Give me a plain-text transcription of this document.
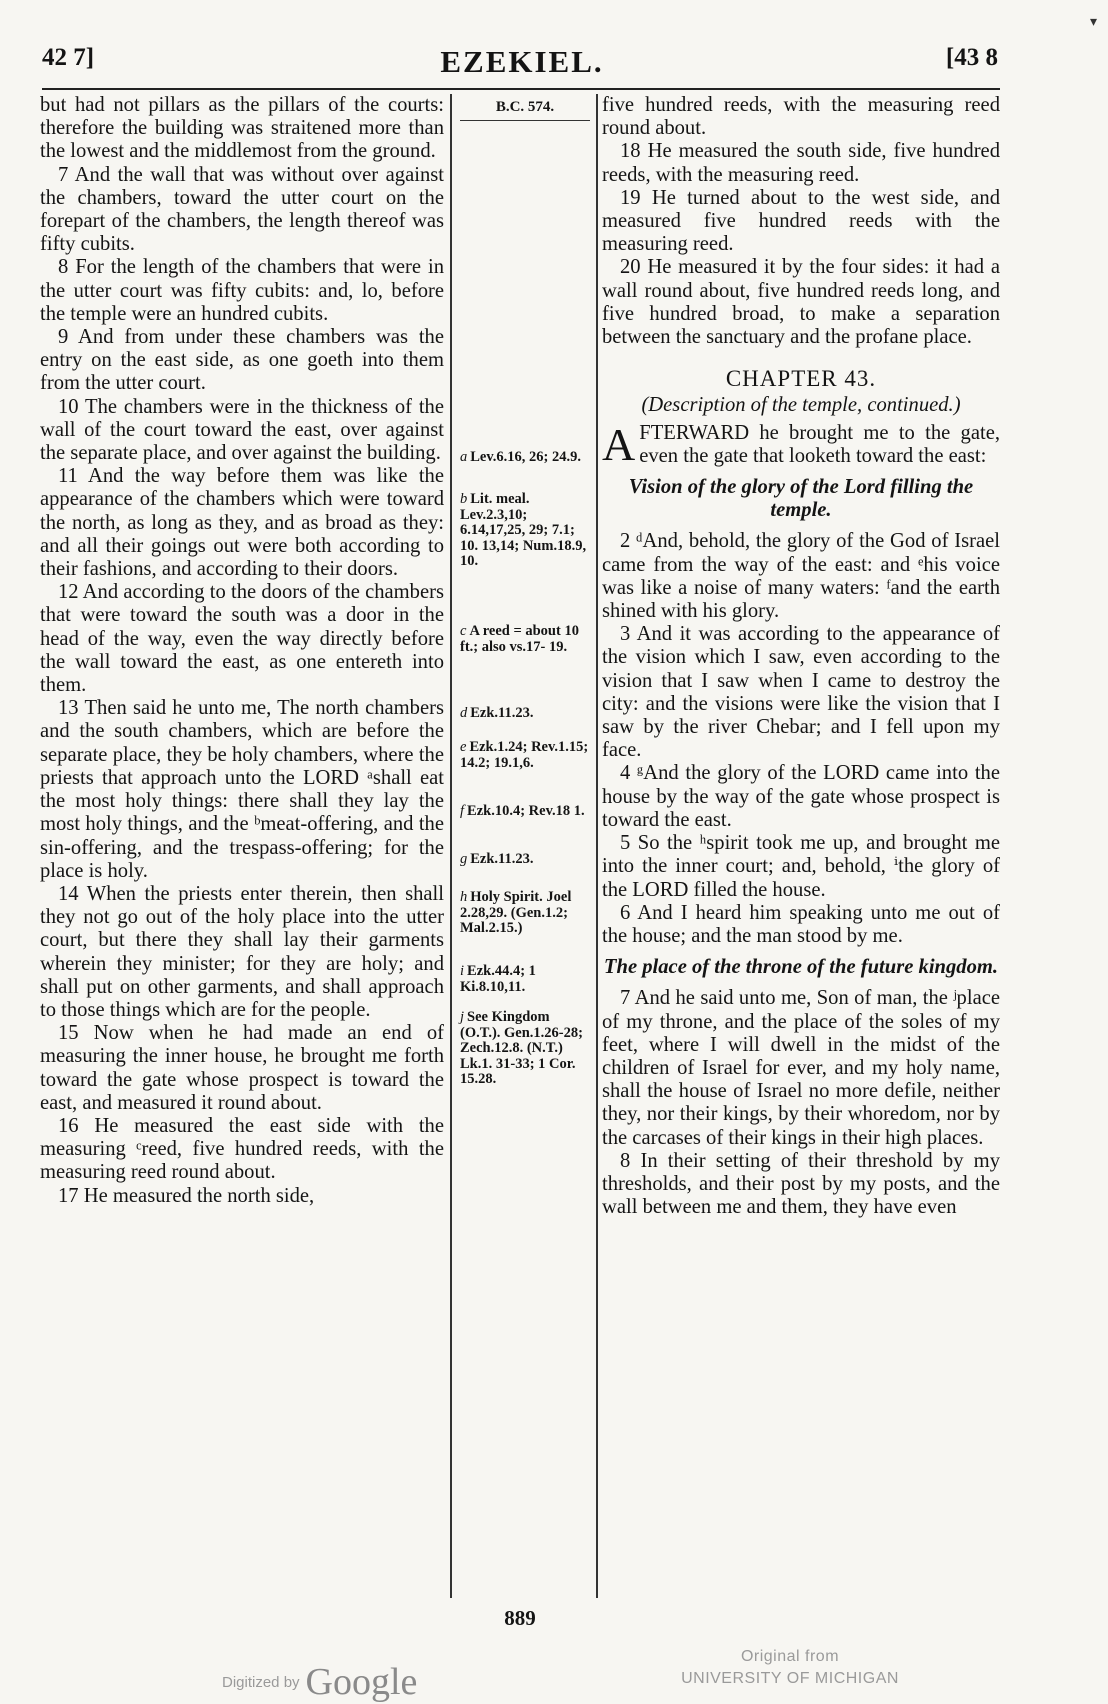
▾
42 7]	EZEKIEL.	[43 8

but had not pillars as the pillars of the courts: therefore the building was straitened more than the lowest and the middlemost from the ground.

7 And the wall that was without over against the chambers, toward the utter court on the forepart of the chambers, the length thereof was fifty cubits.

8 For the length of the chambers that were in the utter court was fifty cubits: and, lo, before the temple were an hundred cubits.

9 And from under these chambers was the entry on the east side, as one goeth into them from the utter court.

10 The chambers were in the thickness of the wall of the court toward the east, over against the separate place, and over against the building.

11 And the way before them was like the appearance of the chambers which were toward the north, as long as they, and as broad as they: and all their goings out were both according to their fashions, and according to their doors.

12 And according to the doors of the chambers that were toward the south was a door in the head of the way, even the way directly before the wall toward the east, as one entereth into them.

13 Then said he unto me, The north chambers and the south chambers, which are before the separate place, they be holy chambers, where the priests that approach unto the LORD ᵃshall eat the most holy things: there shall they lay the most holy things, and the ᵇmeat-offering, and the sin-offering, and the trespass-offering; for the place is holy.

14 When the priests enter therein, then shall they not go out of the holy place into the utter court, but there they shall lay their garments wherein they minister; for they are holy; and shall put on other garments, and shall approach to those things which are for the people.

15 Now when he had made an end of measuring the inner house, he brought me forth toward the gate whose prospect is toward the east, and measured it round about.

16 He measured the east side with the measuring ᶜreed, five hundred reeds, with the measuring reed round about.

17 He measured the north side,

B.C. 574.
a Lev.6.16, 26; 24.9.
b Lit. meal. Lev.2.3,10; 6.14,17,25, 29; 7.1; 10. 13,14; Num.18.9, 10.
c A reed = about 10 ft.; also vs.17- 19.
d Ezk.11.23.
e Ezk.1.24; Rev.1.15; 14.2; 19.1,6.
f Ezk.10.4; Rev.18 1.
g Ezk.11.23.
h Holy Spirit. Joel 2.28,29. (Gen.1.2; Mal.2.15.)
i Ezk.44.4; 1 Ki.8.10,11.
j See Kingdom (O.T.). Gen.1.26-28; Zech.12.8. (N.T.) Lk.1. 31-33; 1 Cor. 15.28.

five hundred reeds, with the measuring reed round about.

18 He measured the south side, five hundred reeds, with the measuring reed.

19 He turned about to the west side, and measured five hundred reeds with the measuring reed.

20 He measured it by the four sides: it had a wall round about, five hundred reeds long, and five hundred broad, to make a separation between the sanctuary and the profane place.

CHAPTER 43.
(Description of the temple, continued.)

AFTERWARD he brought me to the gate, even the gate that looketh toward the east:

Vision of the glory of the Lord filling the temple.

2 ᵈAnd, behold, the glory of the God of Israel came from the way of the east: and ᵉhis voice was like a noise of many waters: ᶠand the earth shined with his glory.

3 And it was according to the appearance of the vision which I saw, even according to the vision that I saw when I came to destroy the city: and the visions were like the vision that I saw by the river Chebar; and I fell upon my face.

4 ᵍAnd the glory of the LORD came into the house by the way of the gate whose prospect is toward the east.

5 So the ʰspirit took me up, and brought me into the inner court; and, behold, ⁱthe glory of the LORD filled the house.

6 And I heard him speaking unto me out of the house; and the man stood by me.

The place of the throne of the future kingdom.

7 And he said unto me, Son of man, the ʲplace of my throne, and the place of the soles of my feet, where I will dwell in the midst of the children of Israel for ever, and my holy name, shall the house of Israel no more defile, neither they, nor their kings, by their whoredom, nor by the carcases of their kings in their high places.

8 In their setting of their threshold by my thresholds, and their post by my posts, and the wall between me and them, they have even

889
Digitized by Google
Original from
UNIVERSITY OF MICHIGAN
